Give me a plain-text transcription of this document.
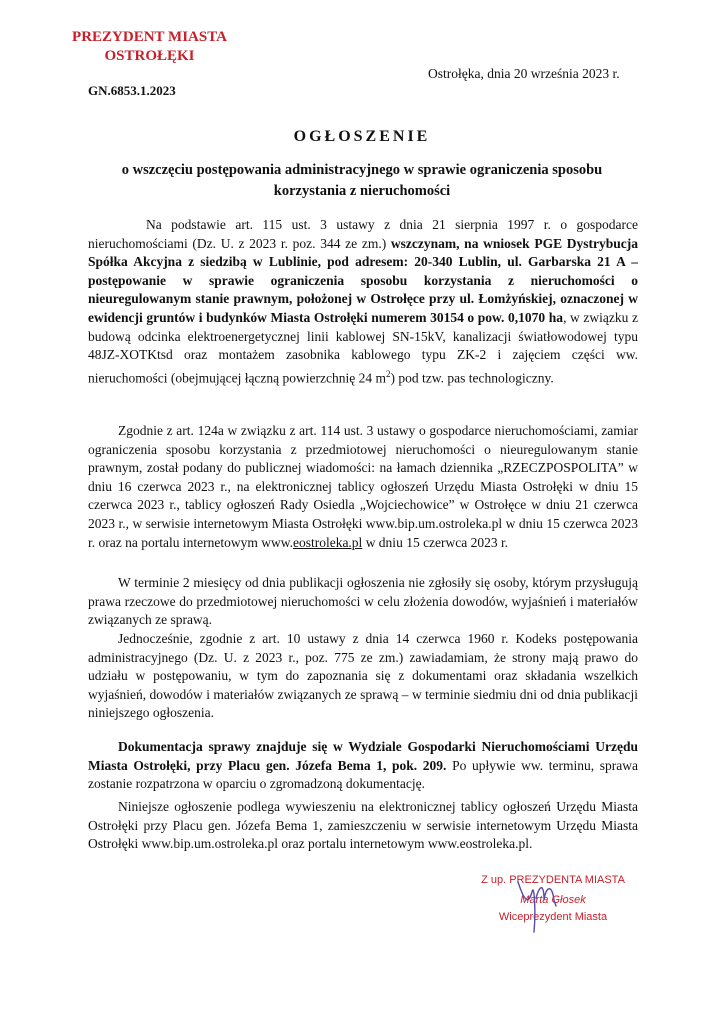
PREZYDENT MIASTA
OSTROŁĘKI
GN.6853.1.2023
Ostrołęka, dnia 20 września 2023 r.
OGŁOSZENIE
o wszczęciu postępowania administracyjnego w sprawie ograniczenia sposobu
korzystania z nieruchomości
Na podstawie art. 115 ust. 3 ustawy z dnia 21 sierpnia 1997 r. o gospodarce nieruchomościami (Dz. U. z 2023 r. poz. 344 ze zm.) wszczynam, na wniosek PGE Dystrybucja Spółka Akcyjna z siedzibą w Lublinie, pod adresem: 20-340 Lublin, ul. Garbarska 21 A – postępowanie w sprawie ograniczenia sposobu korzystania z nieruchomości o nieuregulowanym stanie prawnym, położonej w Ostrołęce przy ul. Łomżyńskiej, oznaczonej w ewidencji gruntów i budynków Miasta Ostrołęki numerem 30154 o pow. 0,1070 ha, w związku z budową odcinka elektroenergetycznej linii kablowej SN-15kV, kanalizacji światłowodowej typu 48JZ-XOTKtsd oraz montażem zasobnika kablowego typu ZK-2 i zajęciem części ww. nieruchomości (obejmującej łączną powierzchnię 24 $m^2$) pod tzw. pas technologiczny.
Zgodnie z art. 124a w związku z art. 114 ust. 3 ustawy o gospodarce nieruchomościami, zamiar ograniczenia sposobu korzystania z przedmiotowej nieruchomości o nieuregulowanym stanie prawnym, został podany do publicznej wiadomości: na łamach dziennika „RZECZPOSPOLITA” w dniu 16 czerwca 2023 r., na elektronicznej tablicy ogłoszeń Urzędu Miasta Ostrołęki w dniu 15 czerwca 2023 r., tablicy ogłoszeń Rady Osiedla „Wojciechowice” w Ostrołęce w dniu 21 czerwca 2023 r., w serwisie internetowym Miasta Ostrołęki www.bip.um.ostroleka.pl w dniu 15 czerwca 2023 r. oraz na portalu internetowym www.eostroleka.pl w dniu 15 czerwca 2023 r.
W terminie 2 miesięcy od dnia publikacji ogłoszenia nie zgłosiły się osoby, którym przysługują prawa rzeczowe do przedmiotowej nieruchomości w celu złożenia dowodów, wyjaśnień i materiałów związanych ze sprawą.
Jednocześnie, zgodnie z art. 10 ustawy z dnia 14 czerwca 1960 r. Kodeks postępowania administracyjnego (Dz. U. z 2023 r., poz. 775 ze zm.) zawiadamiam, że strony mają prawo do udziału w postępowaniu, w tym do zapoznania się z dokumentami oraz składania wszelkich wyjaśnień, dowodów i materiałów związanych ze sprawą – w terminie siedmiu dni od dnia publikacji niniejszego ogłoszenia.
Dokumentacja sprawy znajduje się w Wydziale Gospodarki Nieruchomościami Urzędu Miasta Ostrołęki, przy Placu gen. Józefa Bema 1, pok. 209. Po upływie ww. terminu, sprawa zostanie rozpatrzona w oparciu o zgromadzoną dokumentację.
Niniejsze ogłoszenie podlega wywieszeniu na elektronicznej tablicy ogłoszeń Urzędu Miasta Ostrołęki przy Placu gen. Józefa Bema 1, zamieszczeniu w serwisie internetowym Urzędu Miasta Ostrołęki www.bip.um.ostroleka.pl oraz portalu internetowym www.eostroleka.pl.
Z up. PREZYDENTA MIASTA
Marta Głosek
Wiceprezydent Miasta
